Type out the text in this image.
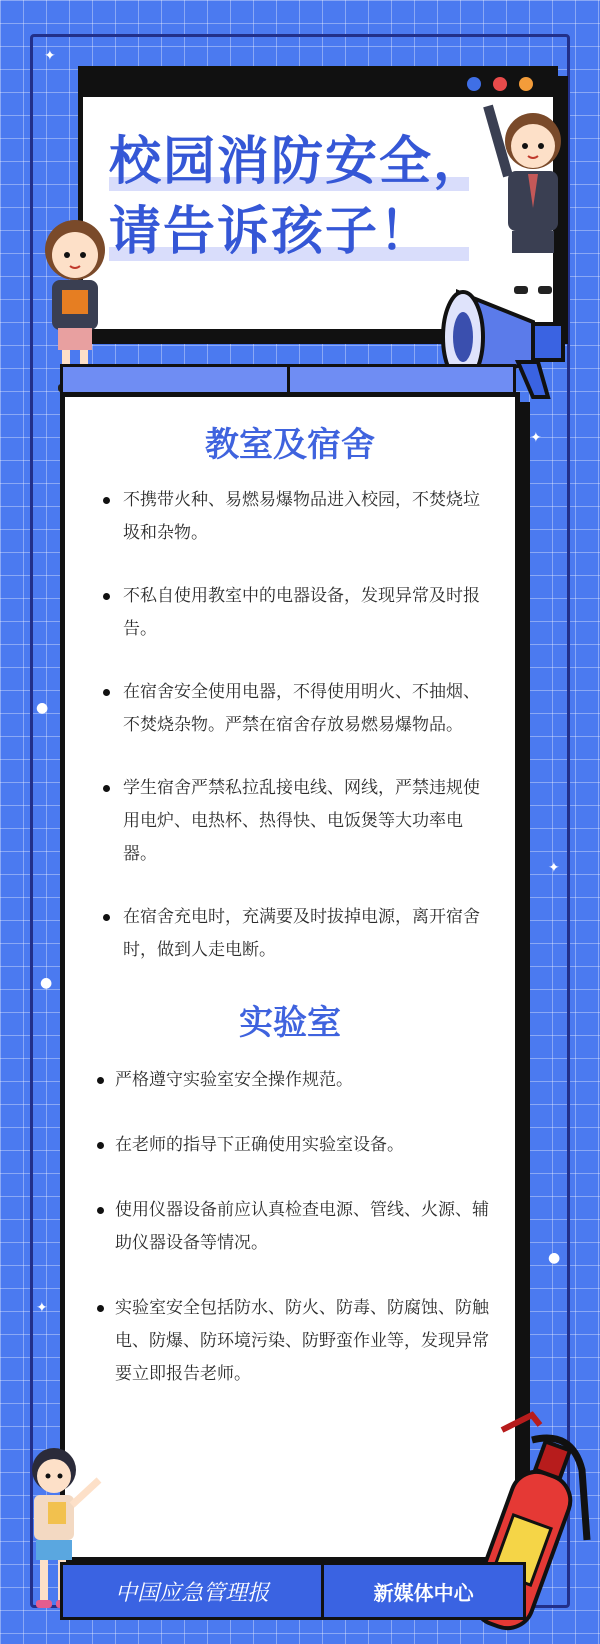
✦
✦
✦
●
●
●
✦
校园消防安全，
请告诉孩子！
教室及宿舍
不携带火种、易燃易爆物品进入校园，不焚烧垃圾和杂物。
不私自使用教室中的电器设备，发现异常及时报告。
在宿舍安全使用电器，不得使用明火、不抽烟、不焚烧杂物。严禁在宿舍存放易燃易爆物品。
学生宿舍严禁私拉乱接电线、网线，严禁违规使用电炉、电热杯、热得快、电饭煲等大功率电器。
在宿舍充电时，充满要及时拔掉电源，离开宿舍时，做到人走电断。
实验室
严格遵守实验室安全操作规范。
在老师的指导下正确使用实验室设备。
使用仪器设备前应认真检查电源、管线、火源、辅助仪器设备等情况。
实验室安全包括防水、防火、防毒、防腐蚀、防触电、防爆、防环境污染、防野蛮作业等，发现异常要立即报告老师。
中国应急管理报	新媒体中心
